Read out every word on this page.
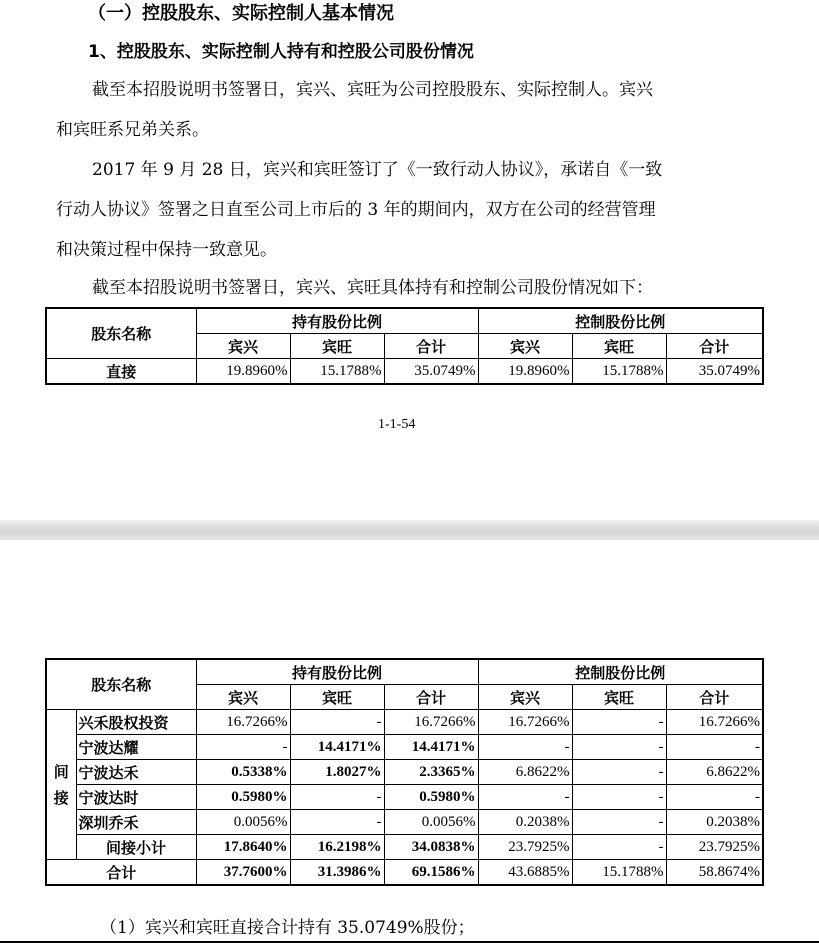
（一）控股股东、实际控制人基本情况
1、控股股东、实际控制人持有和控股公司股份情况
截至本招股说明书签署日，宾兴、宾旺为公司控股股东、实际控制人。宾兴
和宾旺系兄弟关系。
2017 年 9 月 28 日，宾兴和宾旺签订了《一致行动人协议》，承诺自《一致
行动人协议》签署之日直至公司上市后的 3 年的期间内，双方在公司的经营管理
和决策过程中保持一致意见。
截至本招股说明书签署日，宾兴、宾旺具体持有和控制公司股份情况如下：
股东名称	持有股份比例			控制股份比例		
	宾兴	宾旺	合计	宾兴	宾旺	合计
直接	19.8960%	15.1788%	35.0749%	19.8960%	15.1788%	35.0749%
1-1-54
股东名称		持有股份比例			控制股份比例		
		宾兴	宾旺	合计	宾兴	宾旺	合计
间
接	兴禾股权投资	16.7266%	-	16.7266%	16.7266%	-	16.7266%
	宁波达耀	-	14.4171%	14.4171%	-	-	-
	宁波达禾	0.5338%	1.8027%	2.3365%	6.8622%	-	6.8622%
	宁波达时	0.5980%	-	0.5980%	-	-	-
	深圳乔禾	0.0056%	-	0.0056%	0.2038%	-	0.2038%
	间接小计	17.8640%	16.2198%	34.0838%	23.7925%	-	23.7925%
合计		37.7600%	31.3986%	69.1586%	43.6885%	15.1788%	58.8674%
（1）宾兴和宾旺直接合计持有 35.0749%股份；
